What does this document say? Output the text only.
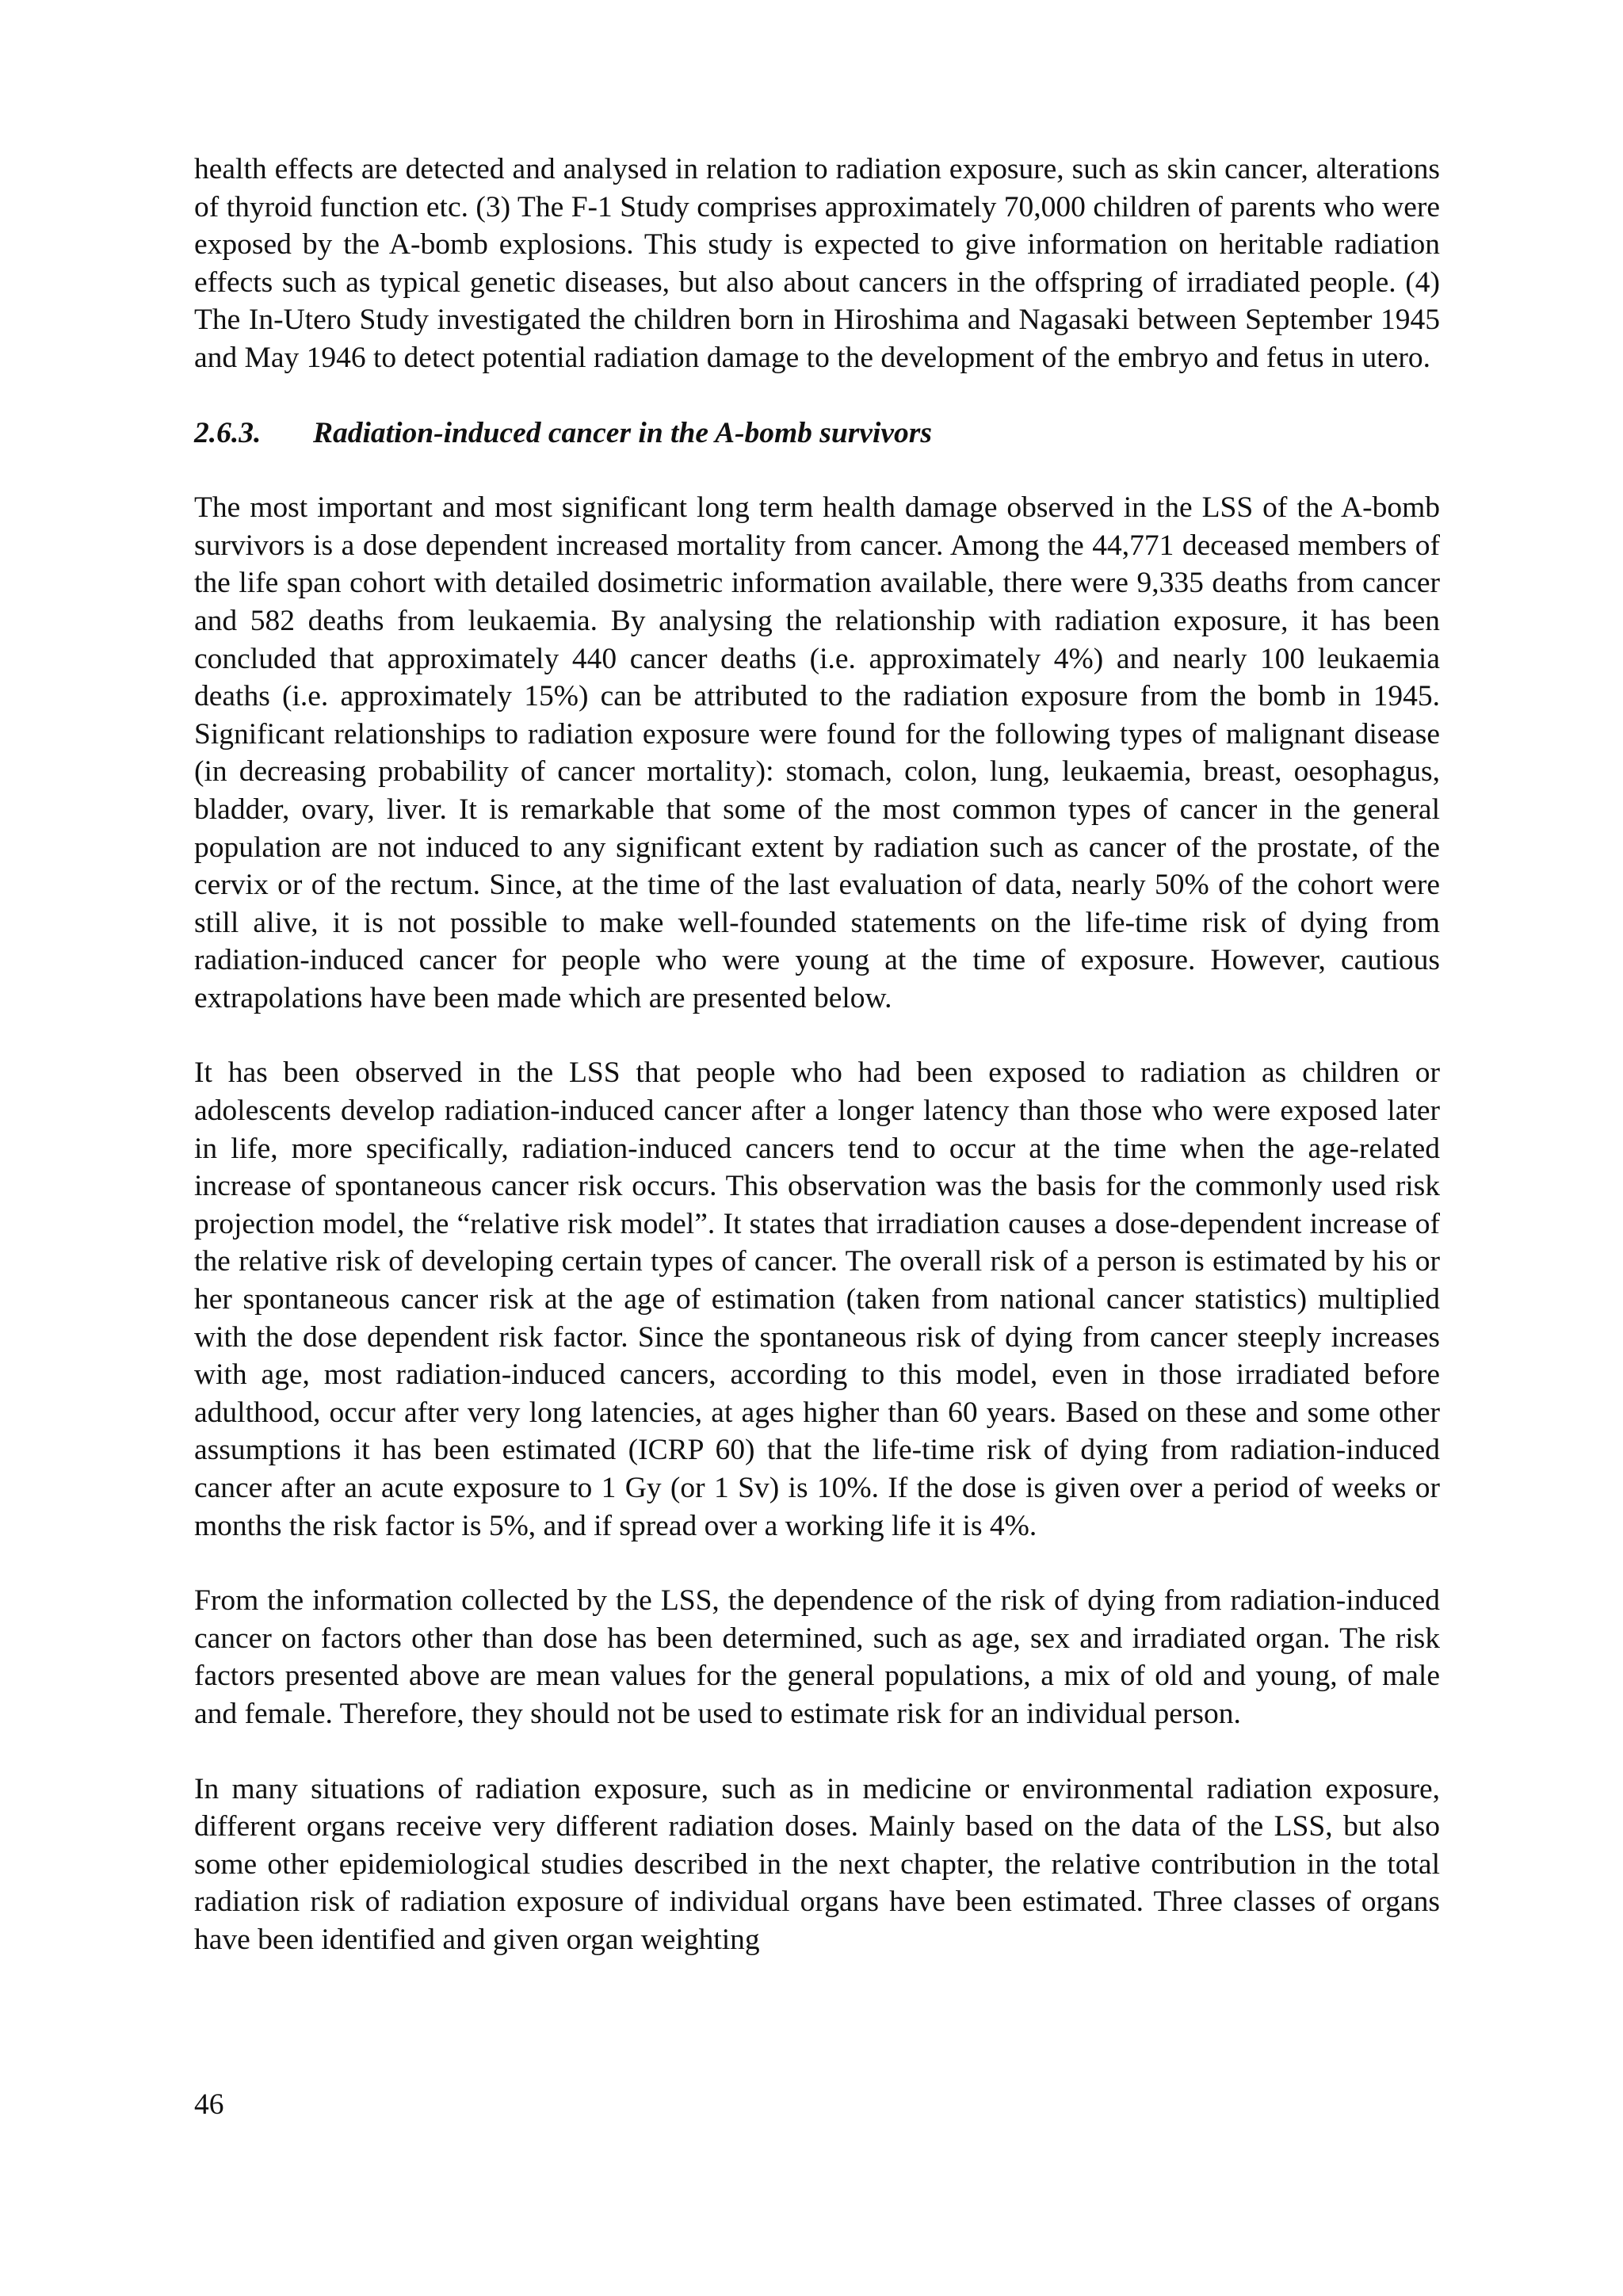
health effects are detected and analysed in relation to radiation exposure, such as skin cancer, alterations of thyroid function etc. (3) The F-1 Study comprises approximately 70,000 children of parents who were exposed by the A-bomb explosions. This study is expected to give information on heritable radiation effects such as typical genetic diseases, but also about cancers in the offspring of irradiated people. (4) The In-Utero Study investigated the children born in Hiroshima and Nagasaki between September 1945 and May 1946 to detect potential radiation damage to the development of the embryo and fetus in utero.

2.6.3.	Radiation-induced cancer in the A-bomb survivors

The most important and most significant long term health damage observed in the LSS of the A-bomb survivors is a dose dependent increased mortality from cancer. Among the 44,771 deceased members of the life span cohort with detailed dosimetric information available, there were 9,335 deaths from cancer and 582 deaths from leukaemia. By analysing the relationship with radiation exposure, it has been concluded that approximately 440 cancer deaths (i.e. approximately 4%) and nearly 100 leukaemia deaths (i.e. approximately 15%) can be attributed to the radiation exposure from the bomb in 1945. Significant relationships to radiation exposure were found for the following types of malignant disease (in decreasing probability of cancer mortality): stomach, colon, lung, leukaemia, breast, oesophagus, bladder, ovary, liver. It is remarkable that some of the most common types of cancer in the general population are not induced to any significant extent by radiation such as cancer of the prostate, of the cervix or of the rectum. Since, at the time of the last evaluation of data, nearly 50% of the cohort were still alive, it is not possible to make well-founded statements on the life-time risk of dying from radiation-induced cancer for people who were young at the time of exposure. However, cautious extrapolations have been made which are presented below.

It has been observed in the LSS that people who had been exposed to radiation as children or adolescents develop radiation-induced cancer after a longer latency than those who were exposed later in life, more specifically, radiation-induced cancers tend to occur at the time when the age-related increase of spontaneous cancer risk occurs. This observation was the basis for the commonly used risk projection model, the “relative risk model”. It states that irradiation causes a dose-dependent increase of the relative risk of developing certain types of cancer. The overall risk of a person is estimated by his or her spontaneous cancer risk at the age of estimation (taken from national cancer statistics) multiplied with the dose dependent risk factor. Since the spontaneous risk of dying from cancer steeply increases with age, most radiation-induced cancers, according to this model, even in those irradiated before adulthood, occur after very long latencies, at ages higher than 60 years. Based on these and some other assumptions it has been estimated (ICRP 60) that the life-time risk of dying from radiation-induced cancer after an acute exposure to 1 Gy (or 1 Sv) is 10%. If the dose is given over a period of weeks or months the risk factor is 5%, and if spread over a working life it is 4%.

From the information collected by the LSS, the dependence of the risk of dying from radiation-induced cancer on factors other than dose has been determined, such as age, sex and irradiated organ. The risk factors presented above are mean values for the general populations, a mix of old and young, of male and female. Therefore, they should not be used to estimate risk for an individual person.

In many situations of radiation exposure, such as in medicine or environmental radiation exposure, different organs receive very different radiation doses. Mainly based on the data of the LSS, but also some other epidemiological studies described in the next chapter, the relative contribution in the total radiation risk of radiation exposure of individual organs have been estimated. Three classes of organs have been identified and given organ weighting

46
